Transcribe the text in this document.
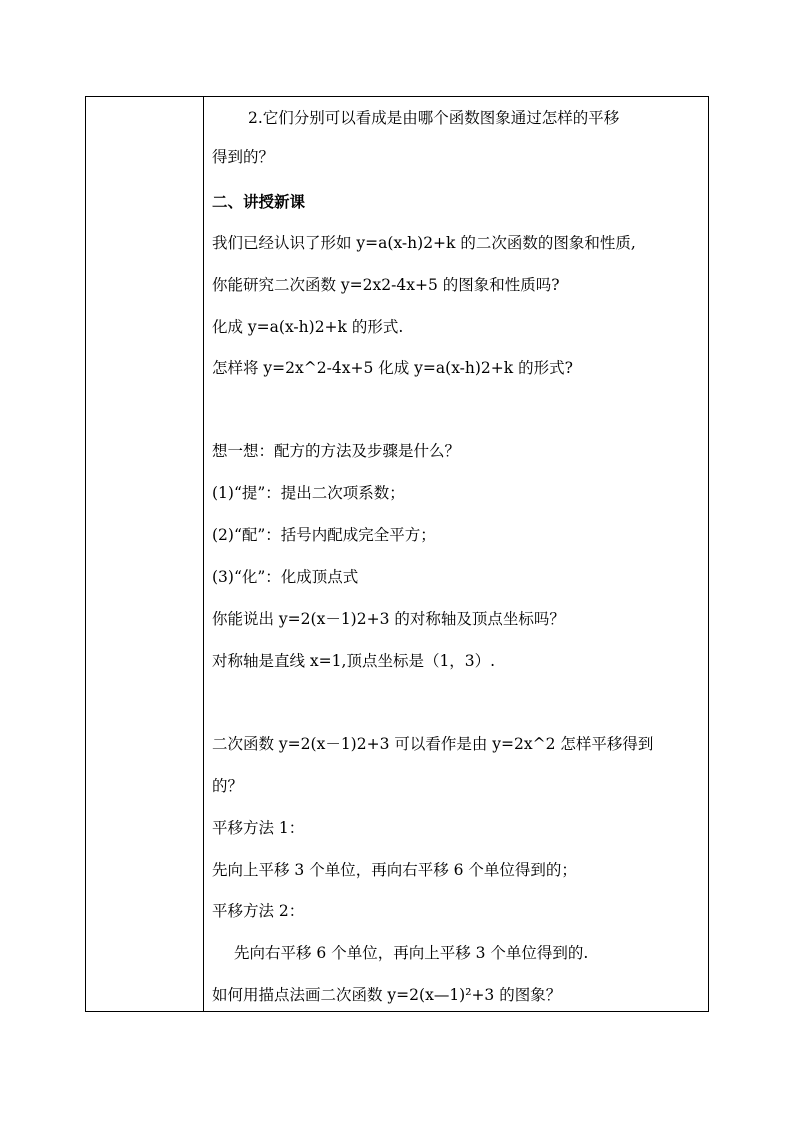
2.它们分别可以看成是由哪个函数图象通过怎样的平移
得到的？
二、讲授新课
我们已经认识了形如 y=a(x-h)2+k 的二次函数的图象和性质,
你能研究二次函数 y=2x2-4x+5 的图象和性质吗?
化成 y=a(x-h)2+k 的形式.
怎样将 y=2x^2-4x+5 化成 y=a(x-h)2+k 的形式?
想一想：配方的方法及步骤是什么？
(1)“提”：提出二次项系数；
(2)“配”：括号内配成完全平方；
(3)“化”：化成顶点式
你能说出 y=2(x－1)2+3 的对称轴及顶点坐标吗？
对称轴是直线 x=1,顶点坐标是（1，3）.
二次函数 y=2(x－1)2+3 可以看作是由 y=2x^2 怎样平移得到
的？
平移方法 1：
先向上平移 3 个单位，再向右平移 6 个单位得到的；
平移方法 2：
先向右平移 6 个单位，再向上平移 3 个单位得到的.
如何用描点法画二次函数 y=2(x—1)²+3 的图象？
